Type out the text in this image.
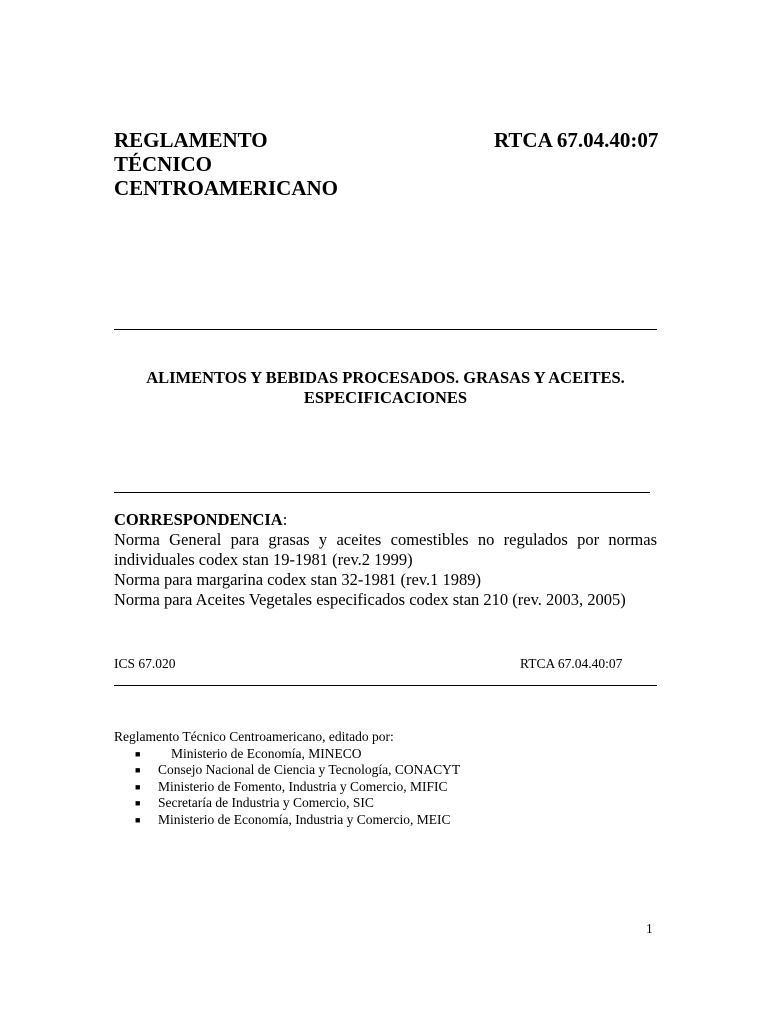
REGLAMENTO
TÉCNICO
CENTROAMERICANO
RTCA 67.04.40:07
ALIMENTOS Y BEBIDAS PROCESADOS. GRASAS Y ACEITES.
ESPECIFICACIONES
CORRESPONDENCIA:
Norma General para grasas y aceites comestibles no regulados por normas individuales codex stan 19-1981 (rev.2 1999)
Norma para margarina codex stan 32-1981 (rev.1 1989)
Norma para Aceites Vegetales especificados codex stan 210 (rev. 2003, 2005)
ICS 67.020	RTCA 67.04.40:07
Reglamento Técnico Centroamericano, editado por:
■ Ministerio de Economía, MINECO
■ Consejo Nacional de Ciencia y Tecnología, CONACYT
■ Ministerio de Fomento, Industria y Comercio, MIFIC
■ Secretaría de Industria y Comercio, SIC
■ Ministerio de Economía, Industria y Comercio, MEIC
1
